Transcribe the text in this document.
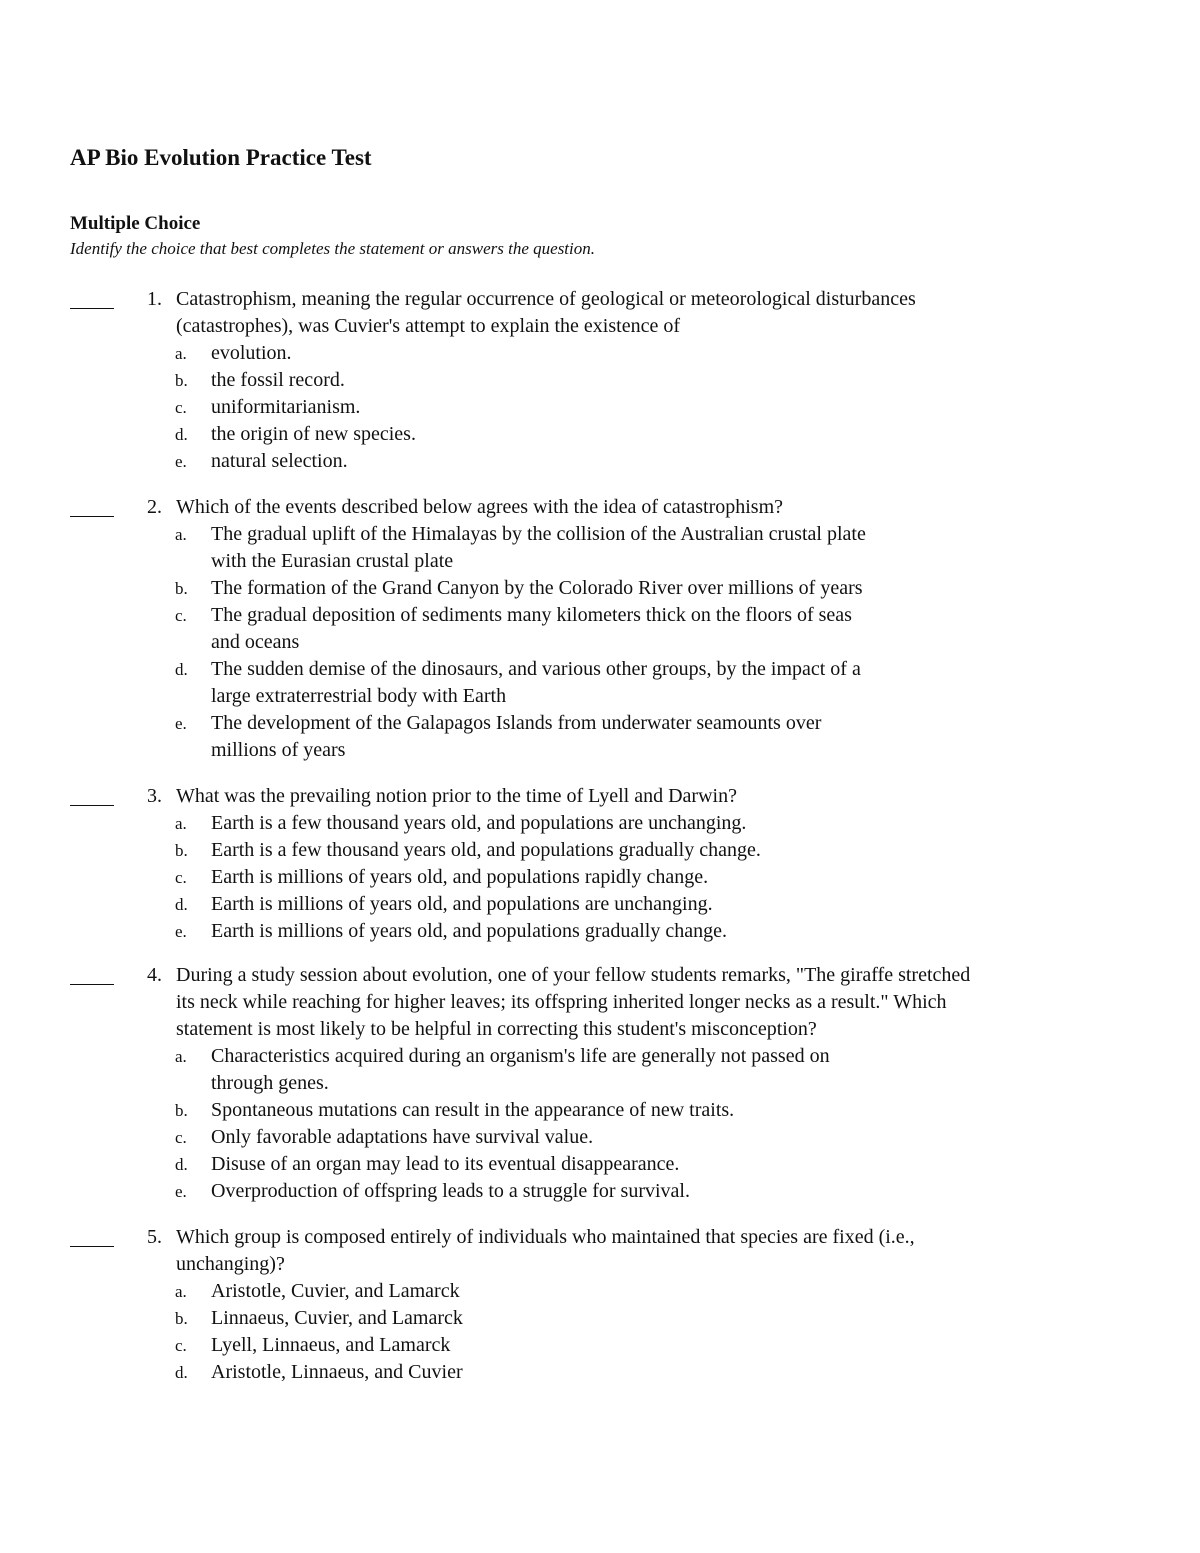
AP Bio Evolution Practice Test
Multiple Choice
Identify the choice that best completes the statement or answers the question.
1. Catastrophism, meaning the regular occurrence of geological or meteorological disturbances
(catastrophes), was Cuvier's attempt to explain the existence of
a.	evolution.
b.	the fossil record.
c.	uniformitarianism.
d.	the origin of new species.
e.	natural selection.
2. Which of the events described below agrees with the idea of catastrophism?
a.	The gradual uplift of the Himalayas by the collision of the Australian crustal plate
with the Eurasian crustal plate
b.	The formation of the Grand Canyon by the Colorado River over millions of years
c.	The gradual deposition of sediments many kilometers thick on the floors of seas
and oceans
d.	The sudden demise of the dinosaurs, and various other groups, by the impact of a
large extraterrestrial body with Earth
e.	The development of the Galapagos Islands from underwater seamounts over
millions of years
3. What was the prevailing notion prior to the time of Lyell and Darwin?
a.	Earth is a few thousand years old, and populations are unchanging.
b.	Earth is a few thousand years old, and populations gradually change.
c.	Earth is millions of years old, and populations rapidly change.
d.	Earth is millions of years old, and populations are unchanging.
e.	Earth is millions of years old, and populations gradually change.
4. During a study session about evolution, one of your fellow students remarks, "The giraffe stretched
its neck while reaching for higher leaves; its offspring inherited longer necks as a result." Which
statement is most likely to be helpful in correcting this student's misconception?
a.	Characteristics acquired during an organism's life are generally not passed on
through genes.
b.	Spontaneous mutations can result in the appearance of new traits.
c.	Only favorable adaptations have survival value.
d.	Disuse of an organ may lead to its eventual disappearance.
e.	Overproduction of offspring leads to a struggle for survival.
5. Which group is composed entirely of individuals who maintained that species are fixed (i.e.,
unchanging)?
a.	Aristotle, Cuvier, and Lamarck
b.	Linnaeus, Cuvier, and Lamarck
c.	Lyell, Linnaeus, and Lamarck
d.	Aristotle, Linnaeus, and Cuvier
